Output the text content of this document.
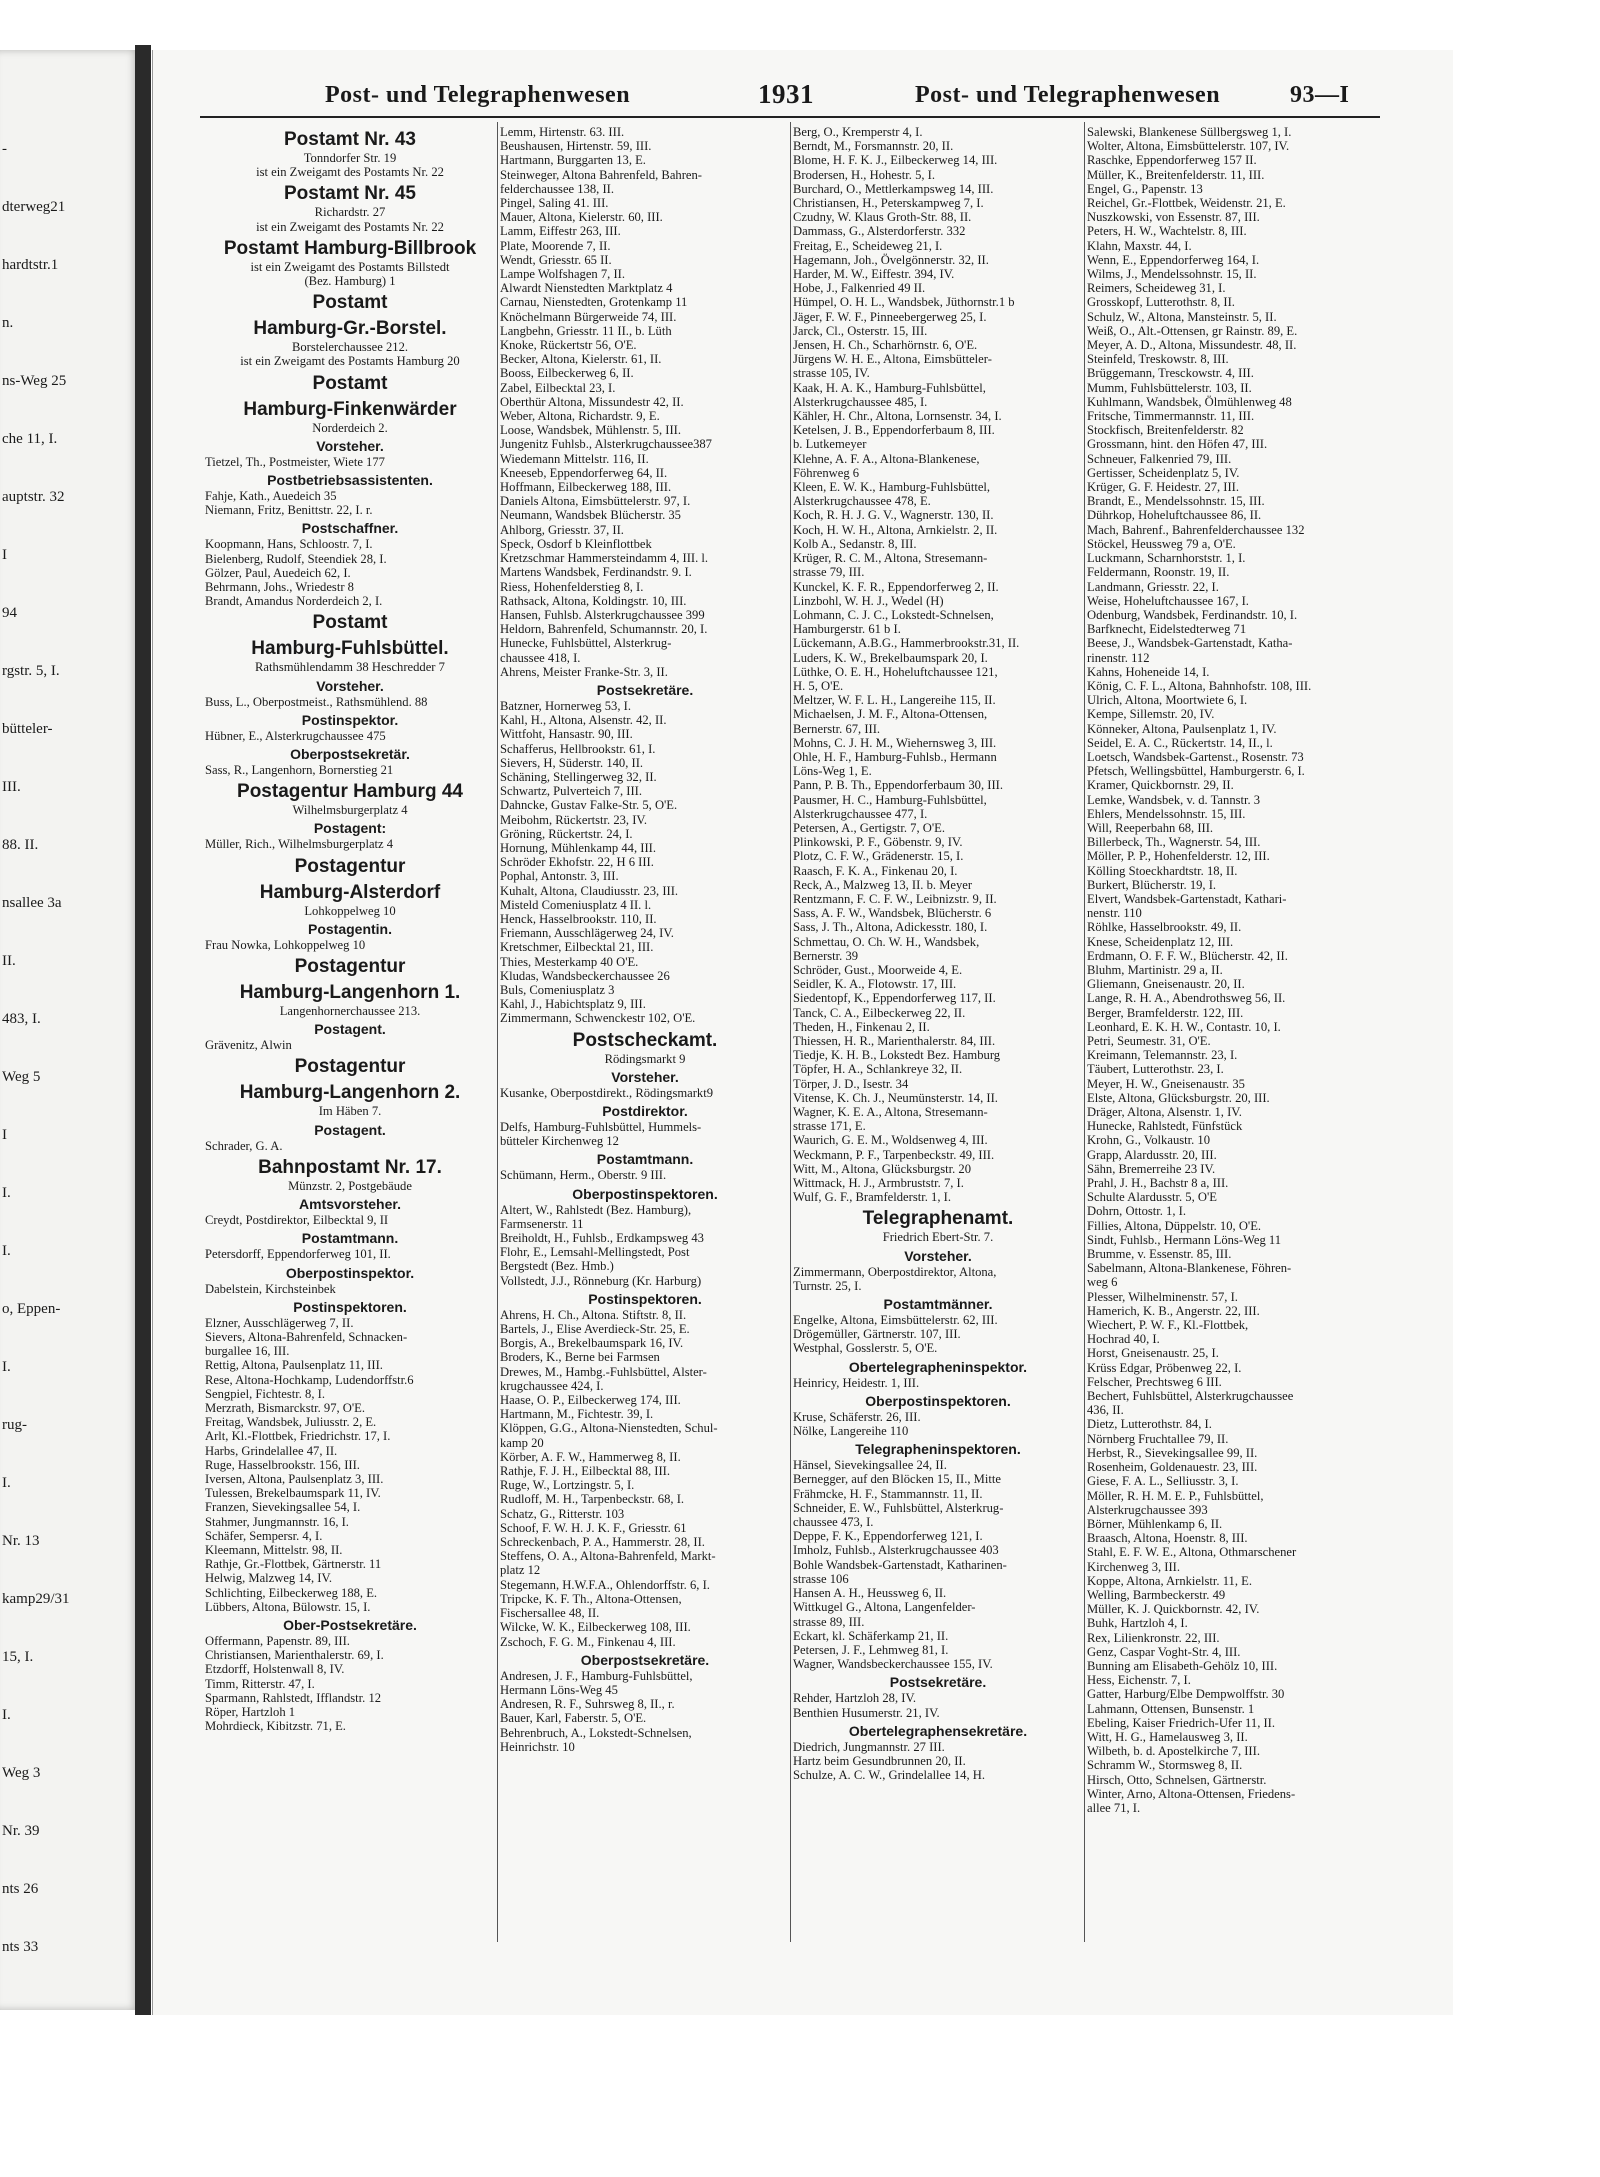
-
dterweg21
hardtstr.1
n.
ns-Weg 25
che 11, I.
auptstr. 32
I
94
rgstr. 5, I.
bütteler-
III.
88. II.
nsallee 3a
II.
483, I.
Weg 5
I
I.
I.
o, Eppen-
I.
rug-
I.
Nr. 13
kamp29/31
15, I.
I.
Weg 3
Nr. 39
nts 26
nts 33
Post- und Telegraphenwesen	1931	Post- und Telegraphenwesen	93—I
Postamt Nr. 43
Tonndorfer Str. 19
ist ein Zweigamt des Postamts Nr. 22
Postamt Nr. 45
Richardstr. 27
ist ein Zweigamt des Postamts Nr. 22
Postamt Hamburg-Billbrook
ist ein Zweigamt des Postamts Billstedt
(Bez. Hamburg) 1
Postamt
Hamburg-Gr.-Borstel.
Borstelerchaussee 212.
ist ein Zweigamt des Postamts Hamburg 20
Postamt
Hamburg-Finkenwärder
Norderdeich 2.
Vorsteher.
Tietzel, Th., Postmeister, Wiete 177
Postbetriebsassistenten.
Fahje, Kath., Auedeich 35
Niemann, Fritz, Benittstr. 22, I. r.
Postschaffner.
Koopmann, Hans, Schloostr. 7, I.
Bielenberg, Rudolf, Steendiek 28, I.
Gölzer, Paul, Auedeich 62, I.
Behrmann, Johs., Wriedestr 8
Brandt, Amandus Norderdeich 2, I.
Postamt
Hamburg-Fuhlsbüttel.
Rathsmühlendamm 38 Heschredder 7
Vorsteher.
Buss, L., Oberpostmeist., Rathsmühlend. 88
Postinspektor.
Hübner, E., Alsterkrugchaussee 475
Oberpostsekretär.
Sass, R., Langenhorn, Bornerstieg 21
Postagentur Hamburg 44
Wilhelmsburgerplatz 4
Postagent:
Müller, Rich., Wilhelmsburgerplatz 4
Postagentur
Hamburg-Alsterdorf
Lohkoppelweg 10
Postagentin.
Frau Nowka, Lohkoppelweg 10
Postagentur
Hamburg-Langenhorn 1.
Langenhornerchaussee 213.
Postagent.
Grävenitz, Alwin
Postagentur
Hamburg-Langenhorn 2.
Im Häben 7.
Postagent.
Schrader, G. A.
Bahnpostamt Nr. 17.
Münzstr. 2, Postgebäude
Amtsvorsteher.
Creydt, Postdirektor, Eilbecktal 9, II
Postamtmann.
Petersdorff, Eppendorferweg 101, II.
Oberpostinspektor.
Dabelstein, Kirchsteinbek
Postinspektoren.
Elzner, Ausschlägerweg 7, II.
Sievers, Altona-Bahrenfeld, Schnacken-
burgallee 16, III.
Rettig, Altona, Paulsenplatz 11, III.
Rese, Altona-Hochkamp, Ludendorffstr.6
Sengpiel, Fichtestr. 8, I.
Merzrath, Bismarckstr. 97, O'E.
Freitag, Wandsbek, Juliusstr. 2, E.
Arlt, Kl.-Flottbek, Friedrichstr. 17, I.
Harbs, Grindelallee 47, II.
Ruge, Hasselbrookstr. 156, III.
Iversen, Altona, Paulsenplatz 3, III.
Tulessen, Brekelbaumspark 11, IV.
Franzen, Sievekingsallee 54, I.
Stahmer, Jungmannstr. 16, I.
Schäfer, Sempersr. 4, I.
Kleemann, Mittelstr. 98, II.
Rathje, Gr.-Flottbek, Gärtnerstr. 11
Helwig, Malzweg 14, IV.
Schlichting, Eilbeckerweg 188, E.
Lübbers, Altona, Bülowstr. 15, I.
Ober-Postsekretäre.
Offermann, Papenstr. 89, III.
Christiansen, Marienthalerstr. 69, I.
Etzdorff, Holstenwall 8, IV.
Timm, Ritterstr. 47, I.
Sparmann, Rahlstedt, Ifflandstr. 12
Röper, Hartzloh 1
Mohrdieck, Kibitzstr. 71, E.
Lemm, Hirtenstr. 63. III.
Beushausen, Hirtenstr. 59, III.
Hartmann, Burggarten 13, E.
Steinweger, Altona Bahrenfeld, Bahren-
felderchaussee 138, II.
Pingel, Saling 41. III.
Mauer, Altona, Kielerstr. 60, III.
Lamm, Eiffestr 263, III.
Plate, Moorende 7, II.
Wendt, Griesstr. 65 II.
Lampe Wolfshagen 7, II.
Alwardt Nienstedten Marktplatz 4
Carnau, Nienstedten, Grotenkamp 11
Knöchelmann Bürgerweide 74, III.
Langbehn, Griesstr. 11 II., b. Lüth
Knoke, Rückertstr 56, O'E.
Becker, Altona, Kielerstr. 61, II.
Booss, Eilbeckerweg 6, II.
Zabel, Eilbecktal 23, I.
Oberthür Altona, Missundestr 42, II.
Weber, Altona, Richardstr. 9, E.
Loose, Wandsbek, Mühlenstr. 5, III.
Jungenitz Fuhlsb., Alsterkrugchaussee387
Wiedemann Mittelstr. 116, II.
Kneeseb, Eppendorferweg 64, II.
Hoffmann, Eilbeckerweg 188, III.
Daniels Altona, Eimsbüttelerstr. 97, I.
Neumann, Wandsbek Blücherstr. 35
Ahlborg, Griesstr. 37, II.
Speck, Osdorf b Kleinflottbek
Kretzschmar Hammersteindamm 4, III. l.
Martens Wandsbek, Ferdinandstr. 9. I.
Riess, Hohenfelderstieg 8, I.
Rathsack, Altona, Koldingstr. 10, III.
Hansen, Fuhlsb. Alsterkrugchaussee 399
Heldorn, Bahrenfeld, Schumannstr. 20, I.
Hunecke, Fuhlsbüttel, Alsterkrug-
chaussee 418, I.
Ahrens, Meister Franke-Str. 3, II.
Postsekretäre.
Batzner, Hornerweg 53, I.
Kahl, H., Altona, Alsenstr. 42, II.
Wittfoht, Hansastr. 90, III.
Schafferus, Hellbrookstr. 61, I.
Sievers, H, Süderstr. 140, II.
Schäning, Stellingerweg 32, II.
Schwartz, Pulverteich 7, III.
Dahncke, Gustav Falke-Str. 5, O'E.
Meibohm, Rückertstr. 23, IV.
Gröning, Rückertstr. 24, I.
Hornung, Mühlenkamp 44, III.
Schröder Ekhofstr. 22, H 6 III.
Pophal, Antonstr. 3, III.
Kuhalt, Altona, Claudiusstr. 23, III.
Misteld Comeniusplatz 4 II. l.
Henck, Hasselbrookstr. 110, II.
Friemann, Ausschlägerweg 24, IV.
Kretschmer, Eilbecktal 21, III.
Thies, Mesterkamp 40 O'E.
Kludas, Wandsbeckerchaussee 26
Buls, Comeniusplatz 3
Kahl, J., Habichtsplatz 9, III.
Zimmermann, Schwenckestr 102, O'E.
Postscheckamt.
Rödingsmarkt 9
Vorsteher.
Kusanke, Oberpostdirekt., Rödingsmarkt9
Postdirektor.
Delfs, Hamburg-Fuhlsbüttel, Hummels-
bütteler Kirchenweg 12
Postamtmann.
Schümann, Herm., Oberstr. 9 III.
Oberpostinspektoren.
Altert, W., Rahlstedt (Bez. Hamburg),
Farmsenerstr. 11
Breiholdt, H., Fuhlsb., Erdkampsweg 43
Flohr, E., Lemsahl-Mellingstedt, Post
Bergstedt (Bez. Hmb.)
Vollstedt, J.J., Rönneburg (Kr. Harburg)
Postinspektoren.
Ahrens, H. Ch., Altona. Stiftstr. 8, II.
Bartels, J., Elise Averdieck-Str. 25, E.
Borgis, A., Brekelbaumspark 16, IV.
Broders, K., Berne bei Farmsen
Drewes, M., Hambg.-Fuhlsbüttel, Alster-
krugchaussee 424, I.
Haase, O. P., Eilbeckerweg 174, III.
Hartmann, M., Fichtestr. 39, I.
Klöppen, G.G., Altona-Nienstedten, Schul-
kamp 20
Körber, A. F. W., Hammerweg 8, II.
Rathje, F. J. H., Eilbecktal 88, III.
Ruge, W., Lortzingstr. 5, I.
Rudloff, M. H., Tarpenbeckstr. 68, I.
Schatz, G., Ritterstr. 103
Schoof, F. W. H. J. K. F., Griesstr. 61
Schreckenbach, P. A., Hammerstr. 28, II.
Steffens, O. A., Altona-Bahrenfeld, Markt-
platz 12
Stegemann, H.W.F.A., Ohlendorffstr. 6, I.
Tripcke, K. F. Th., Altona-Ottensen,
Fischersallee 48, II.
Wilcke, W. K., Eilbeckerweg 108, III.
Zschoch, F. G. M., Finkenau 4, III.
Oberpostsekretäre.
Andresen, J. F., Hamburg-Fuhlsbüttel,
Hermann Löns-Weg 45
Andresen, R. F., Suhrsweg 8, II., r.
Bauer, Karl, Faberstr. 5, O'E.
Behrenbruch, A., Lokstedt-Schnelsen,
Heinrichstr. 10
Berg, O., Kremperstr 4, I.
Berndt, M., Forsmannstr. 20, II.
Blome, H. F. K. J., Eilbeckerweg 14, III.
Brodersen, H., Hohestr. 5, I.
Burchard, O., Mettlerkampsweg 14, III.
Christiansen, H., Peterskampweg 7, I.
Czudny, W. Klaus Groth-Str. 88, II.
Dammass, G., Alsterdorferstr. 332
Freitag, E., Scheideweg 21, I.
Hagemann, Joh., Övelgönnerstr. 32, II.
Harder, M. W., Eiffestr. 394, IV.
Hobe, J., Falkenried 49 II.
Hümpel, O. H. L., Wandsbek, Jüthornstr.1 b
Jäger, F. W. F., Pinneebergerweg 25, I.
Jarck, Cl., Osterstr. 15, III.
Jensen, H. Ch., Scharhörnstr. 6, O'E.
Jürgens W. H. E., Altona, Eimsbütteler-
strasse 105, IV.
Kaak, H. A. K., Hamburg-Fuhlsbüttel,
Alsterkrugchaussee 485, I.
Kähler, H. Chr., Altona, Lornsenstr. 34, I.
Ketelsen, J. B., Eppendorferbaum 8, III.
b. Lutkemeyer
Klehne, A. F. A., Altona-Blankenese,
Föhrenweg 6
Kleen, E. W. K., Hamburg-Fuhlsbüttel,
Alsterkrugchaussee 478, E.
Koch, R. H. J. G. V., Wagnerstr. 130, II.
Koch, H. W. H., Altona, Arnkielstr. 2, II.
Kolb A., Sedanstr. 8, III.
Krüger, R. C. M., Altona, Stresemann-
strasse 79, III.
Kunckel, K. F. R., Eppendorferweg 2, II.
Linzbohl, W. H. J., Wedel (H)
Lohmann, C. J. C., Lokstedt-Schnelsen,
Hamburgerstr. 61 b I.
Lückemann, A.B.G., Hammerbrookstr.31, II.
Luders, K. W., Brekelbaumspark 20, I.
Lüthke, O. E. H., Hoheluftchaussee 121,
H. 5, O'E.
Meltzer, W. F. L. H., Langereihe 115, II.
Michaelsen, J. M. F., Altona-Ottensen,
Bernerstr. 67, III.
Mohns, C. J. H. M., Wiehernsweg 3, III.
Ohle, H. F., Hamburg-Fuhlsb., Hermann
Löns-Weg 1, E.
Pann, P. B. Th., Eppendorferbaum 30, III.
Pausmer, H. C., Hamburg-Fuhlsbüttel,
Alsterkrugchaussee 477, I.
Petersen, A., Gertigstr. 7, O'E.
Plinkowski, P. F., Göbenstr. 9, IV.
Plotz, C. F. W., Grädenerstr. 15, I.
Raasch, F. K. A., Finkenau 20, I.
Reck, A., Malzweg 13, II. b. Meyer
Rentzmann, F. C. F. W., Leibnizstr. 9, II.
Sass, A. F. W., Wandsbek, Blücherstr. 6
Sass, J. Th., Altona, Adickesstr. 180, I.
Schmettau, O. Ch. W. H., Wandsbek,
Bernerstr. 39
Schröder, Gust., Moorweide 4, E.
Seidler, K. A., Flotowstr. 17, III.
Siedentopf, K., Eppendorferweg 117, II.
Tanck, C. A., Eilbeckerweg 22, II.
Theden, H., Finkenau 2, II.
Thiessen, H. R., Marienthalerstr. 84, III.
Tiedje, K. H. B., Lokstedt Bez. Hamburg
Töpfer, H. A., Schlankreye 32, II.
Törper, J. D., Isestr. 34
Vitense, K. Ch. J., Neumünsterstr. 14, II.
Wagner, K. E. A., Altona, Stresemann-
strasse 171, E.
Waurich, G. E. M., Woldsenweg 4, III.
Weckmann, P. F., Tarpenbeckstr. 49, III.
Witt, M., Altona, Glücksburgstr. 20
Wittmack, H. J., Armbruststr. 7, I.
Wulf, G. F., Bramfelderstr. 1, I.
Telegraphenamt.
Friedrich Ebert-Str. 7.
Vorsteher.
Zimmermann, Oberpostdirektor, Altona,
Turnstr. 25, I.
Postamtmänner.
Engelke, Altona, Eimsbüttelerstr. 62, III.
Drögemüller, Gärtnerstr. 107, III.
Westphal, Gosslerstr. 5, O'E.
Obertelegrapheninspektor.
Heinricy, Heidestr. 1, III.
Oberpostinspektoren.
Kruse, Schäferstr. 26, III.
Nölke, Langereihe 110
Telegrapheninspektoren.
Hänsel, Sievekingsallee 24, II.
Bernegger, auf den Blöcken 15, II., Mitte
Frähmcke, H. F., Stammannstr. 11, II.
Schneider, E. W., Fuhlsbüttel, Alsterkrug-
chaussee 473, I.
Deppe, F. K., Eppendorferweg 121, I.
Imholz, Fuhlsb., Alsterkrugchaussee 403
Bohle Wandsbek-Gartenstadt, Katharinen-
strasse 106
Hansen A. H., Heussweg 6, II.
Wittkugel G., Altona, Langenfelder-
strasse 89, III.
Eckart, kl. Schäferkamp 21, II.
Petersen, J. F., Lehmweg 81, I.
Wagner, Wandsbeckerchaussee 155, IV.
Postsekretäre.
Rehder, Hartzloh 28, IV.
Benthien Husumerstr. 21, IV.
Obertelegraphensekretäre.
Diedrich, Jungmannstr. 27 III.
Hartz beim Gesundbrunnen 20, II.
Schulze, A. C. W., Grindelallee 14, H.
Salewski, Blankenese Süllbergsweg 1, I.
Wolter, Altona, Eimsbüttelerstr. 107, IV.
Raschke, Eppendorferweg 157 II.
Müller, K., Breitenfelderstr. 11, III.
Engel, G., Papenstr. 13
Reichel, Gr.-Flottbek, Weidenstr. 21, E.
Nuszkowski, von Essenstr. 87, III.
Peters, H. W., Wachtelstr. 8, III.
Klahn, Maxstr. 44, I.
Wenn, E., Eppendorferweg 164, I.
Wilms, J., Mendelssohnstr. 15, II.
Reimers, Scheideweg 31, I.
Grosskopf, Lutterothstr. 8, II.
Schulz, W., Altona, Mansteinstr. 5, II.
Weiß, O., Alt.-Ottensen, gr Rainstr. 89, E.
Meyer, A. D., Altona, Missundestr. 48, II.
Steinfeld, Treskowstr. 8, III.
Brüggemann, Tresckowstr. 4, III.
Mumm, Fuhlsbüttelerstr. 103, II.
Kuhlmann, Wandsbek, Ölmühlenweg 48
Fritsche, Timmermannstr. 11, III.
Stockfisch, Breitenfelderstr. 82
Grossmann, hint. den Höfen 47, III.
Schneuer, Falkenried 79, III.
Gertisser, Scheidenplatz 5, IV.
Krüger, G. F. Heidestr. 27, III.
Brandt, E., Mendelssohnstr. 15, III.
Dührkop, Hoheluftchaussee 86, II.
Mach, Bahrenf., Bahrenfelderchaussee 132
Stöckel, Heussweg 79 a, O'E.
Luckmann, Scharnhorststr. 1, I.
Feldermann, Roonstr. 19, II.
Landmann, Griesstr. 22, I.
Weise, Hoheluftchaussee 167, I.
Odenburg, Wandsbek, Ferdinandstr. 10, I.
Barfknecht, Eidelstedterweg 71
Beese, J., Wandsbek-Gartenstadt, Katha-
rinenstr. 112
Kahns, Hoheneide 14, I.
König, C. F. L., Altona, Bahnhofstr. 108, III.
Ulrich, Altona, Moortwiete 6, I.
Kempe, Sillemstr. 20, IV.
Könneker, Altona, Paulsenplatz 1, IV.
Seidel, E. A. C., Rückertstr. 14, II., l.
Loetsch, Wandsbek-Gartenst., Rosenstr. 73
Pfetsch, Wellingsbüttel, Hamburgerstr. 6, I.
Kramer, Quickbornstr. 29, II.
Lemke, Wandsbek, v. d. Tannstr. 3
Ehlers, Mendelssohnstr. 15, III.
Will, Reeperbahn 68, III.
Billerbeck, Th., Wagnerstr. 54, III.
Möller, P. P., Hohenfelderstr. 12, III.
Kölling Stoeckhardtstr. 18, II.
Burkert, Blücherstr. 19, I.
Elvert, Wandsbek-Gartenstadt, Kathari-
nenstr. 110
Röhlke, Hasselbrookstr. 49, II.
Knese, Scheidenplatz 12, III.
Erdmann, O. F. F. W., Blücherstr. 42, II.
Bluhm, Martinistr. 29 a, II.
Gliemann, Gneisenaustr. 20, II.
Lange, R. H. A., Abendrothsweg 56, II.
Berger, Bramfelderstr. 122, III.
Leonhard, E. K. H. W., Contastr. 10, I.
Petri, Seumestr. 31, O'E.
Kreimann, Telemannstr. 23, I.
Täubert, Lutterothstr. 23, I.
Meyer, H. W., Gneisenaustr. 35
Elste, Altona, Glücksburgstr. 20, III.
Dräger, Altona, Alsenstr. 1, IV.
Hunecke, Rahlstedt, Fünfstück
Krohn, G., Volkaustr. 10
Grapp, Alardusstr. 20, III.
Sähn, Bremerreihe 23 IV.
Prahl, J. H., Bachstr 8 a, III.
Schulte Alardusstr. 5, O'E
Dohrn, Ottostr. 1, I.
Fillies, Altona, Düppelstr. 10, O'E.
Sindt, Fuhlsb., Hermann Löns-Weg 11
Brumme, v. Essenstr. 85, III.
Sabelmann, Altona-Blankenese, Föhren-
weg 6
Plesser, Wilhelminenstr. 57, I.
Hamerich, K. B., Angerstr. 22, III.
Wiechert, P. W. F., Kl.-Flottbek,
Hochrad 40, I.
Horst, Gneisenaustr. 25, I.
Krüss Edgar, Pröbenweg 22, I.
Felscher, Prechtsweg 6 III.
Bechert, Fuhlsbüttel, Alsterkrugchaussee
436, II.
Dietz, Lutterothstr. 84, I.
Nörnberg Fruchtallee 79, II.
Herbst, R., Sievekingsallee 99, II.
Rosenheim, Goldenauestr. 23, III.
Giese, F. A. L., Selliusstr. 3, I.
Möller, R. H. M. E. P., Fuhlsbüttel,
Alsterkrugchaussee 393
Börner, Mühlenkamp 6, II.
Braasch, Altona, Hoenstr. 8, III.
Stahl, E. F. W. E., Altona, Othmarschener
Kirchenweg 3, III.
Koppe, Altona, Arnkielstr. 11, E.
Welling, Barmbeckerstr. 49
Müller, K. J. Quickbornstr. 42, IV.
Buhk, Hartzloh 4, I.
Rex, Lilienkronstr. 22, III.
Genz, Caspar Voght-Str. 4, III.
Bunning am Elisabeth-Gehölz 10, III.
Hess, Eichenstr. 7, I.
Gatter, Harburg/Elbe Dempwolffstr. 30
Lahmann, Ottensen, Bunsenstr. 1
Ebeling, Kaiser Friedrich-Ufer 11, II.
Witt, H. G., Hamelausweg 3, II.
Wilbeth, b. d. Apostelkirche 7, III.
Schramm W., Stormsweg 8, II.
Hirsch, Otto, Schnelsen, Gärtnerstr.
Winter, Arno, Altona-Ottensen, Friedens-
allee 71, I.
